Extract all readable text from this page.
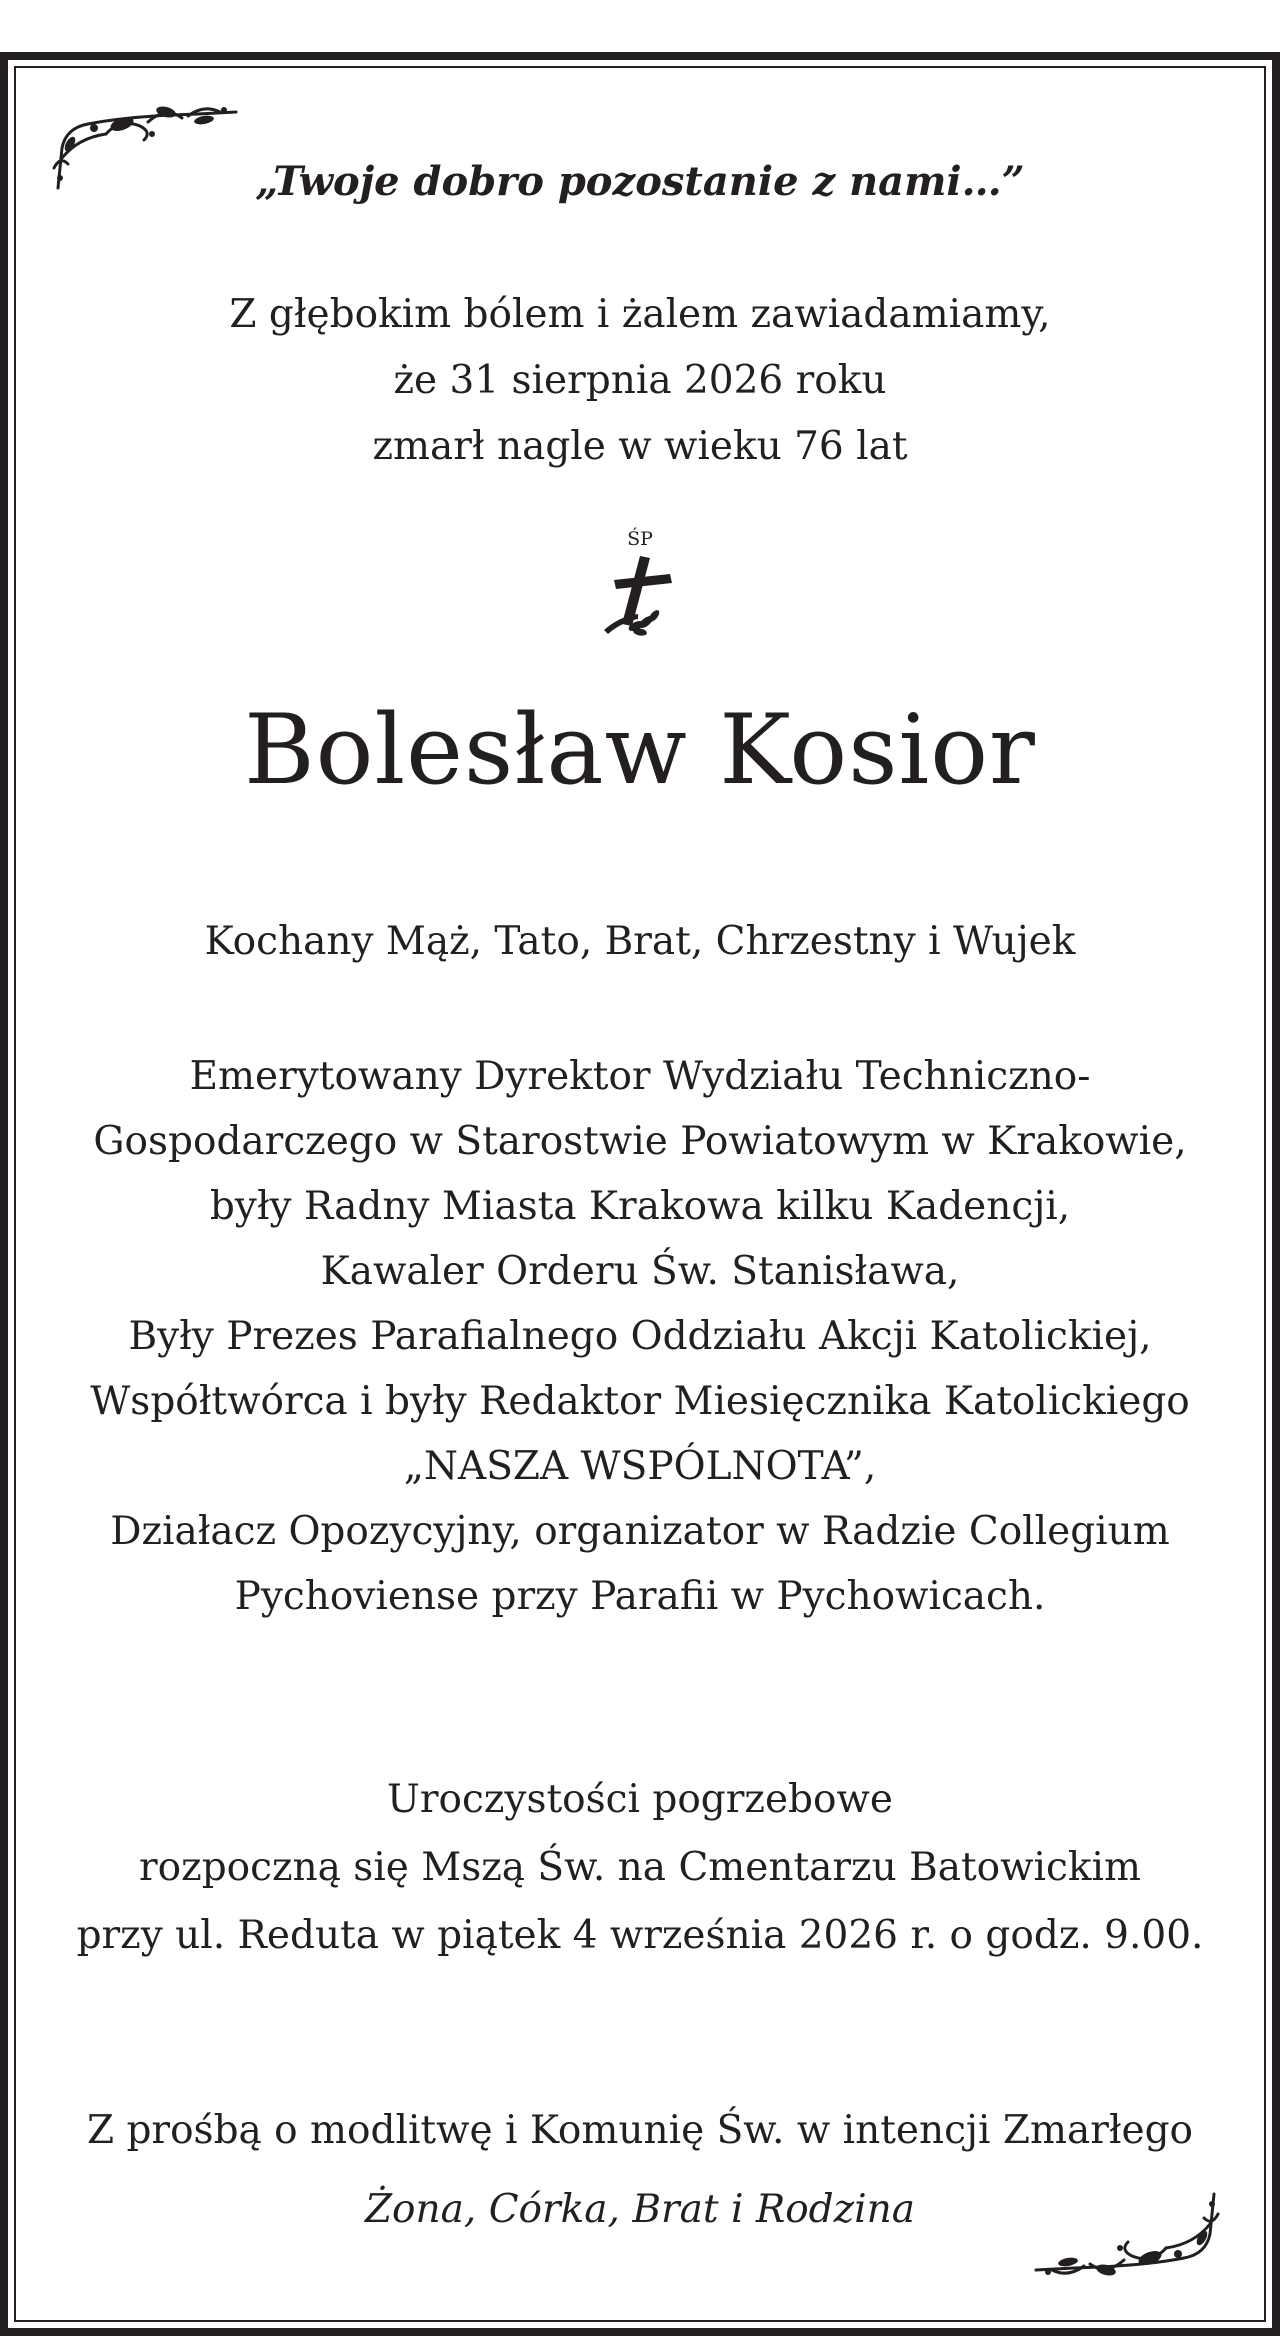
„Twoje dobro pozostanie z nami…”
Z głębokim bólem i żalem zawiadamiamy,
że 31 sierpnia 2026 roku
zmarł nagle w wieku 76 lat
ŚP
Bolesław Kosior
Kochany Mąż, Tato, Brat, Chrzestny i Wujek
Emerytowany Dyrektor Wydziału Techniczno-
Gospodarczego w Starostwie Powiatowym w Krakowie,
były Radny Miasta Krakowa kilku Kadencji,
Kawaler Orderu Św. Stanisława,
Były Prezes Parafialnego Oddziału Akcji Katolickiej,
Współtwórca i były Redaktor Miesięcznika Katolickiego
„NASZA WSPÓLNOTA”,
Działacz Opozycyjny, organizator w Radzie Collegium
Pychoviense przy Parafii w Pychowicach.
Uroczystości pogrzebowe
rozpoczną się Mszą Św. na Cmentarzu Batowickim
przy ul. Reduta w piątek 4 września 2026 r. o godz. 9.00.
Z prośbą o modlitwę i Komunię Św. w intencji Zmarłego
Żona, Córka, Brat i Rodzina
